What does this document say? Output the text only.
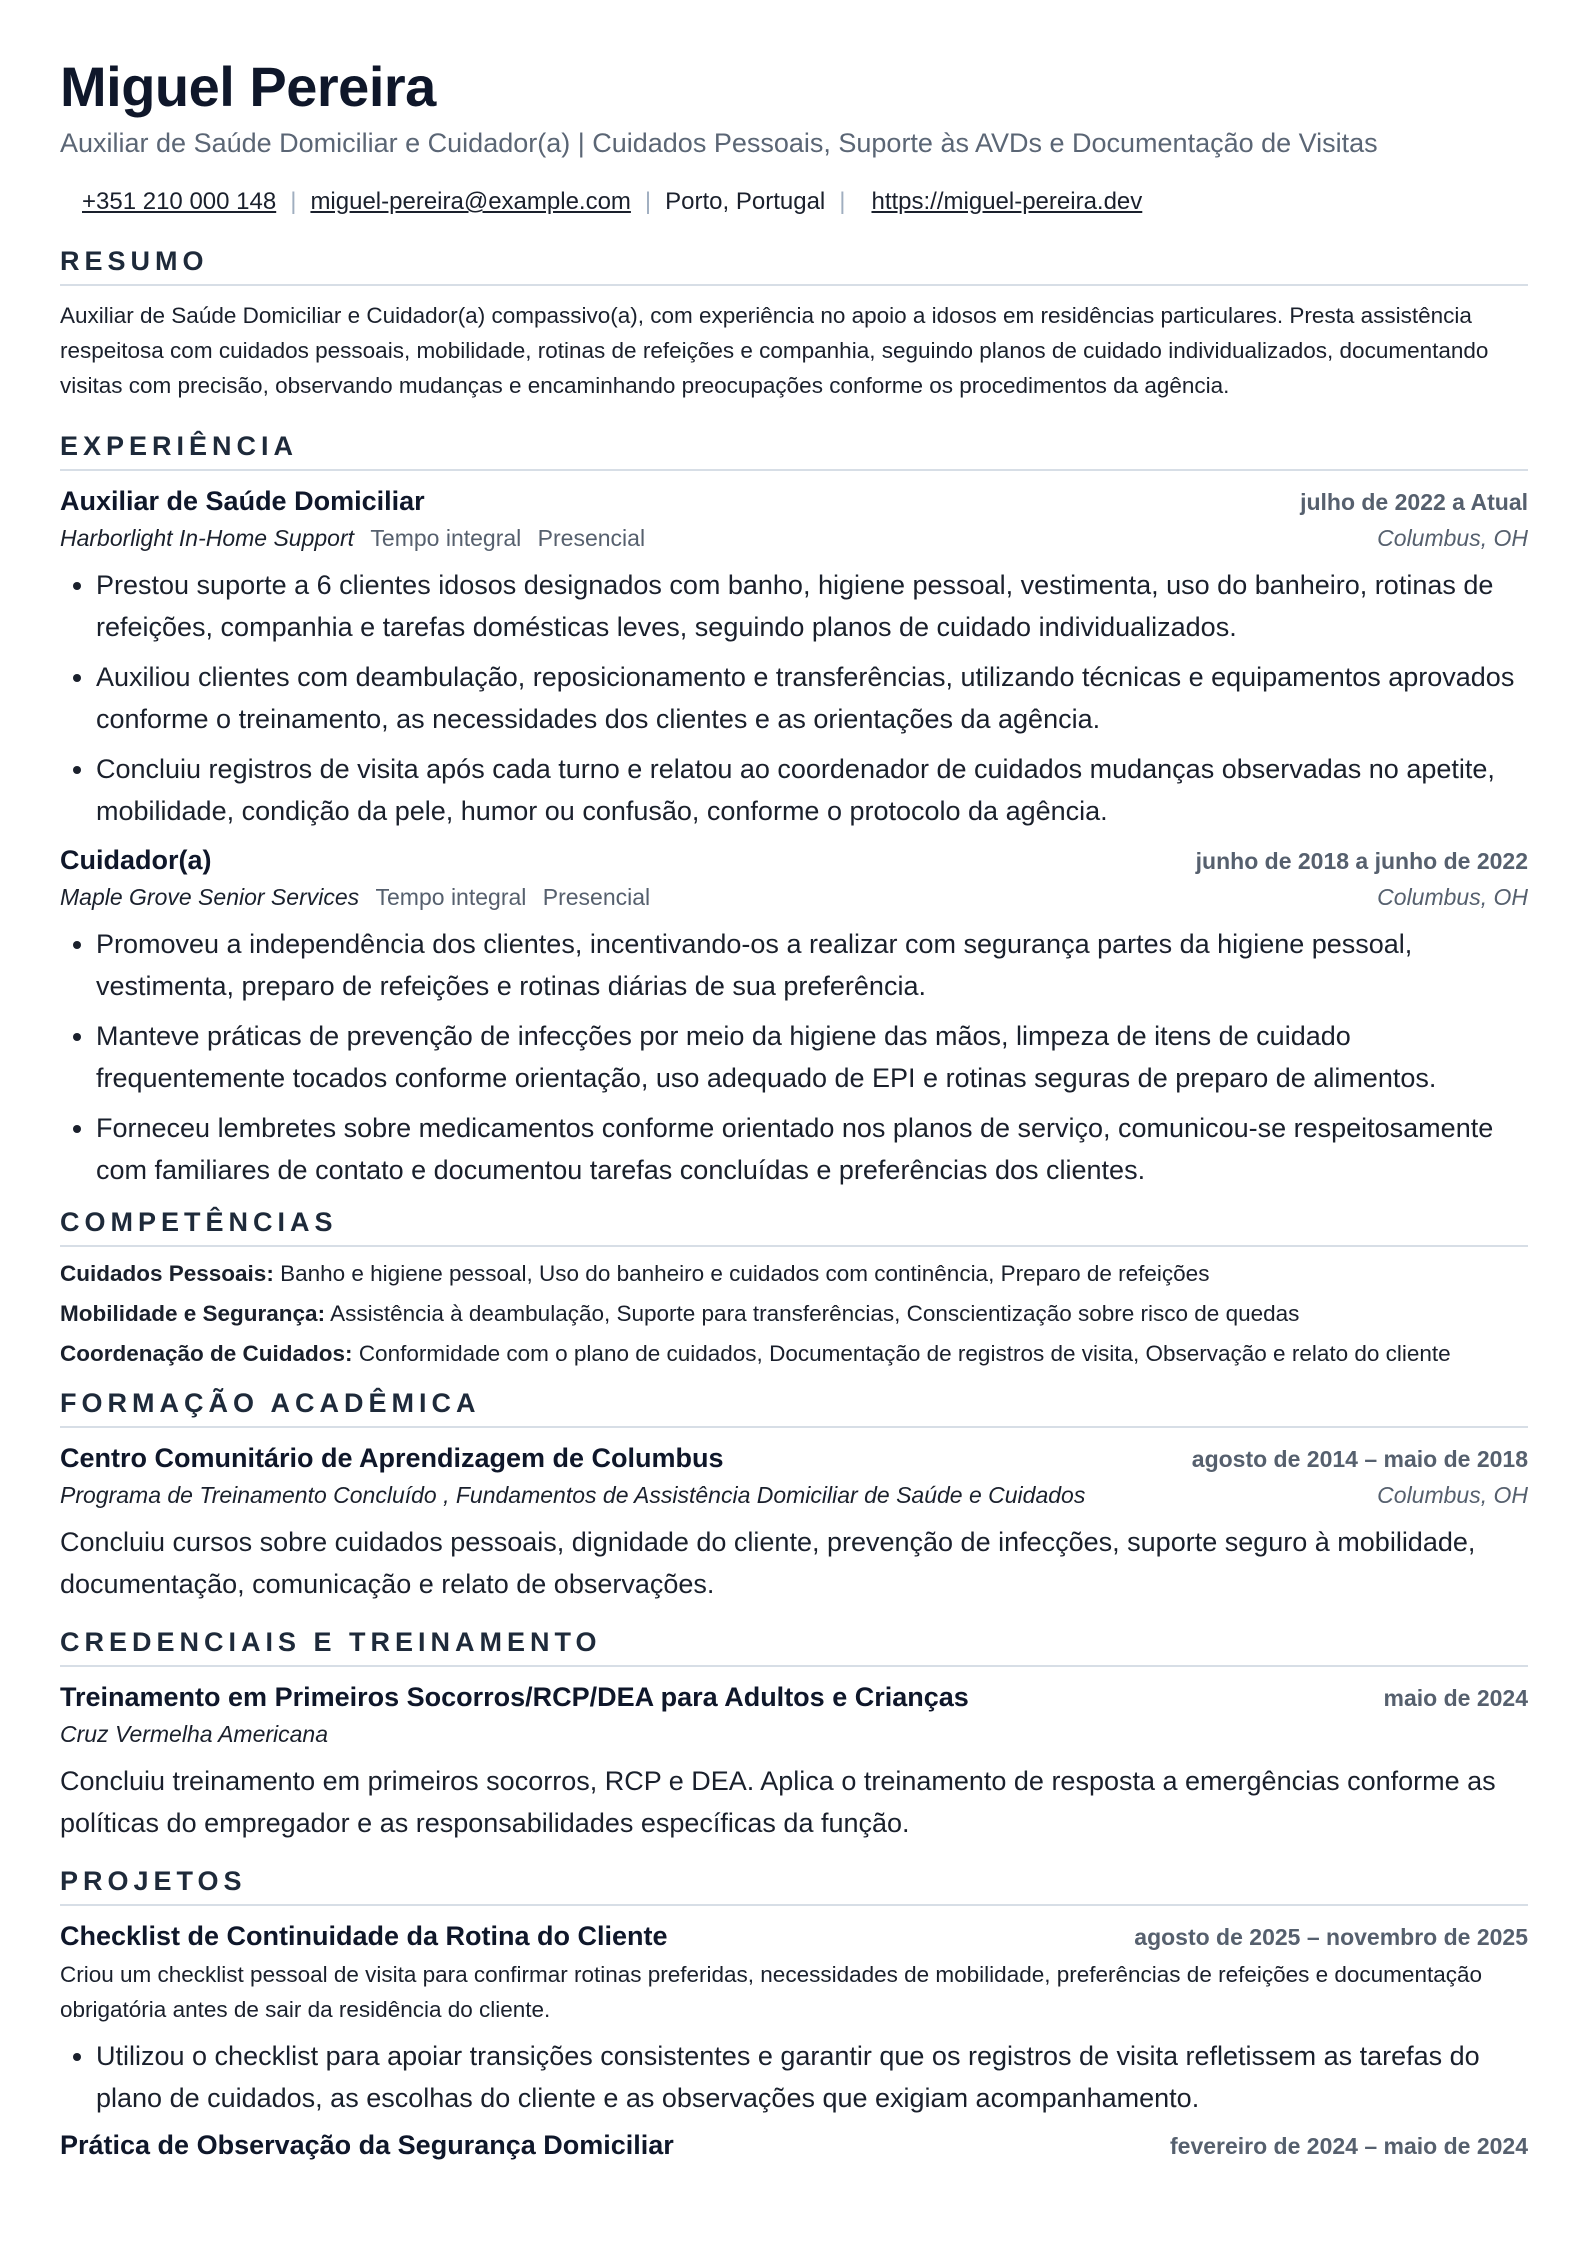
Miguel Pereira
Auxiliar de Saúde Domiciliar e Cuidador(a) | Cuidados Pessoais, Suporte às AVDs e Documentação de Visitas
+351 210 000 148 | miguel-pereira@example.com | Porto, Portugal | https://miguel-pereira.dev
RESUMO

Auxiliar de Saúde Domiciliar e Cuidador(a) compassivo(a), com experiência no apoio a idosos em residências particulares. Presta assistência respeitosa com cuidados pessoais, mobilidade, rotinas de refeições e companhia, seguindo planos de cuidado individualizados, documentando visitas com precisão, observando mudanças e encaminhando preocupações conforme os procedimentos da agência.

EXPERIÊNCIA
Auxiliar de Saúde Domiciliar	julho de 2022 a Atual
Harborlight In-Home Support Tempo integral Presencial	Columbus, OH
• Prestou suporte a 6 clientes idosos designados com banho, higiene pessoal, vestimenta, uso do banheiro, rotinas de refeições, companhia e tarefas domésticas leves, seguindo planos de cuidado individualizados.
• Auxiliou clientes com deambulação, reposicionamento e transferências, utilizando técnicas e equipamentos aprovados conforme o treinamento, as necessidades dos clientes e as orientações da agência.
• Concluiu registros de visita após cada turno e relatou ao coordenador de cuidados mudanças observadas no apetite, mobilidade, condição da pele, humor ou confusão, conforme o protocolo da agência.
Cuidador(a)	junho de 2018 a junho de 2022
Maple Grove Senior Services Tempo integral Presencial	Columbus, OH
• Promoveu a independência dos clientes, incentivando-os a realizar com segurança partes da higiene pessoal, vestimenta, preparo de refeições e rotinas diárias de sua preferência.
• Manteve práticas de prevenção de infecções por meio da higiene das mãos, limpeza de itens de cuidado frequentemente tocados conforme orientação, uso adequado de EPI e rotinas seguras de preparo de alimentos.
• Forneceu lembretes sobre medicamentos conforme orientado nos planos de serviço, comunicou-se respeitosamente com familiares de contato e documentou tarefas concluídas e preferências dos clientes.
COMPETÊNCIAS
Cuidados Pessoais: Banho e higiene pessoal, Uso do banheiro e cuidados com continência, Preparo de refeições
Mobilidade e Segurança: Assistência à deambulação, Suporte para transferências, Conscientização sobre risco de quedas
Coordenação de Cuidados: Conformidade com o plano de cuidados, Documentação de registros de visita, Observação e relato do cliente
FORMAÇÃO ACADÊMICA
Centro Comunitário de Aprendizagem de Columbus	agosto de 2014 – maio de 2018
Programa de Treinamento Concluído , Fundamentos de Assistência Domiciliar de Saúde e Cuidados	Columbus, OH

Concluiu cursos sobre cuidados pessoais, dignidade do cliente, prevenção de infecções, suporte seguro à mobilidade, documentação, comunicação e relato de observações.

CREDENCIAIS E TREINAMENTO
Treinamento em Primeiros Socorros/RCP/DEA para Adultos e Crianças	maio de 2024
Cruz Vermelha Americana

Concluiu treinamento em primeiros socorros, RCP e DEA. Aplica o treinamento de resposta a emergências conforme as políticas do empregador e as responsabilidades específicas da função.

PROJETOS
Checklist de Continuidade da Rotina do Cliente	agosto de 2025 – novembro de 2025

Criou um checklist pessoal de visita para confirmar rotinas preferidas, necessidades de mobilidade, preferências de refeições e documentação obrigatória antes de sair da residência do cliente.

• Utilizou o checklist para apoiar transições consistentes e garantir que os registros de visita refletissem as tarefas do plano de cuidados, as escolhas do cliente e as observações que exigiam acompanhamento.
Prática de Observação da Segurança Domiciliar	fevereiro de 2024 – maio de 2024
